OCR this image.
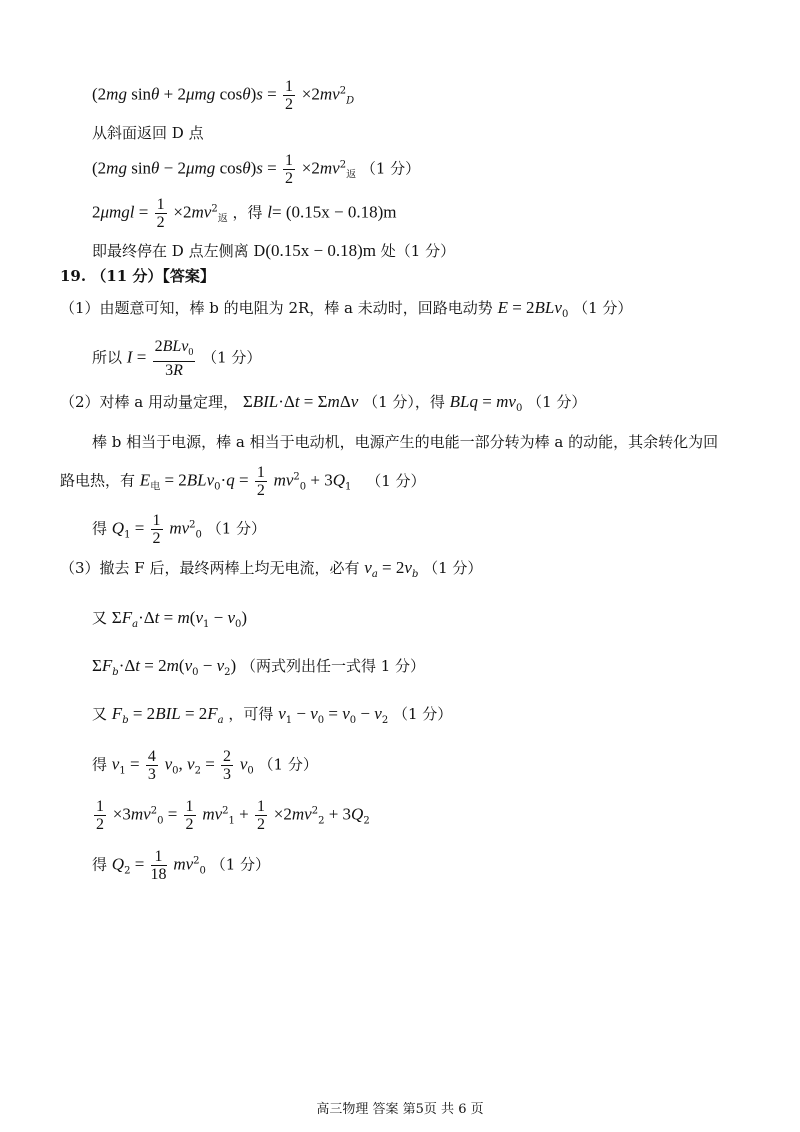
(2mg sinθ + 2μmg $\cos\theta)s = \frac{1}{2} \times 2mv^2_D$
从斜面返回 D 点
(2mg sinθ − 2μmg $\cos\theta)s = \frac{1}{2} \times 2mv^2_返$ （1 分）
$2\mu mgl = \frac{1}{2} \times 2mv^2_返$ ，得 l= (0.15x − 0.18)m
即最终停在 D 点左侧离 D(0.15x − 0.18)m 处（1 分）
19. （11 分）【答案】
（1）由题意可知，棒 b 的电阻为 2R，棒 a 未动时，回路电动势 E = 2BLv$_0$ （1 分）
所以 $I = \frac{2BLv_0}{3R} (1$ 分）
（2）对棒 a 用动量定理， ΣBIL·Δt = ΣmΔv （1 分），得 BLq = $mv_0$ （1 分）
棒 b 相当于电源，棒 a 相当于电动机，电源产生的电能一部分转为棒 a 的动能，其余转化为回
路电热，有 $E_电 = 2BLv_0\cdot q = \frac{1}{2} mv^2_0 + 3Q_1$ （1 分）
得 $Q_1 = \frac{1}{2} mv^2_0$ （1 分）
（3）撤去 F 后，最终两棒上均无电流，必有 $v_a = 2v_b$ （1 分）
又 $\Sigma F_a\cdot\Delta t = m(v_1 - v_0)$
$\Sigma F_b\cdot\Delta t = 2m(v_0 - v_2)$ （两式列出任一式得 1 分）
又 $F_b = 2BIL = 2F_a$ ，可得 $v_1 - v_0 = v_0 - v_2$ （1 分）
得 $v_1 = \frac{4}{3} v_0$, $v_2 = \frac{2}{3} v_0$ （1 分）
$\frac{1}{2} \times 3mv^2_0 = \frac{1}{2} mv^2_1 + \frac{1}{2} \times 2mv^2_2 + 3Q_2$
得 $Q_2 = \frac{1}{18} mv^2_0$ （1 分）
高三物理 答案 第5页 共 6 页
